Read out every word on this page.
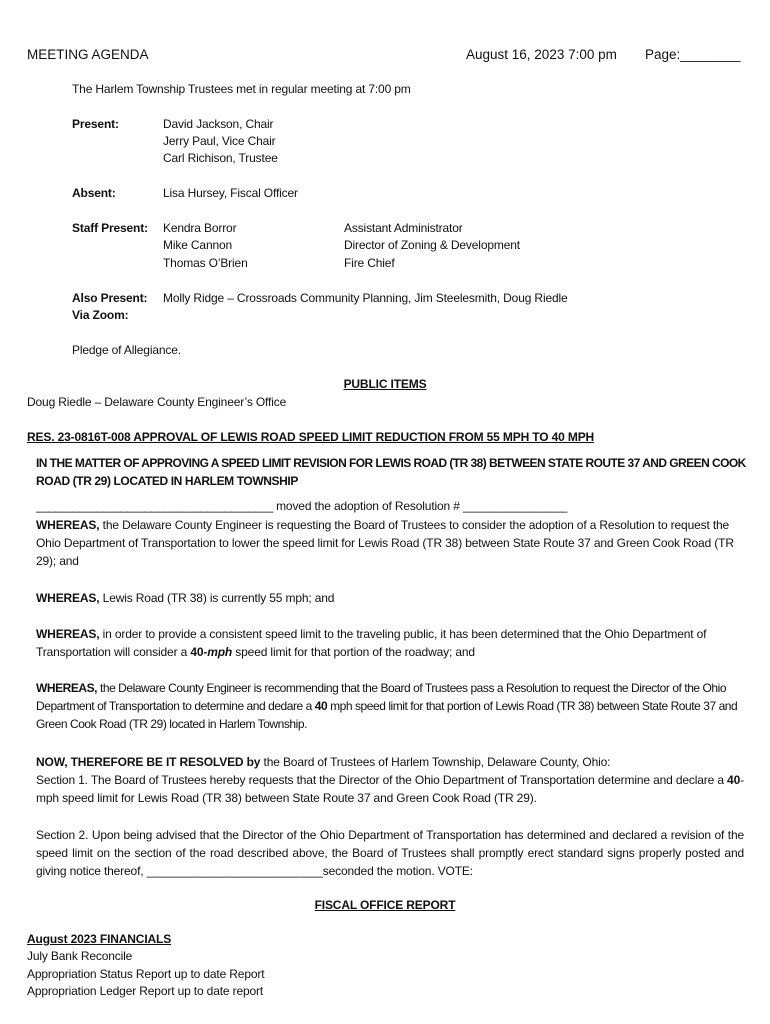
MEETING AGENDA	August 16, 2023 7:00 pm Page:________
The Harlem Township Trustees met in regular meeting at 7:00 pm
Present:	David Jackson, Chair
Jerry Paul, Vice Chair
Carl Richison, Trustee
Absent:	Lisa Hursey, Fiscal Officer
Staff Present: Kendra Borror	Assistant Administrator
Mike Cannon	Director of Zoning & Development
Thomas O’Brien	Fire Chief
Also Present: Molly Ridge – Crossroads Community Planning, Jim Steelesmith, Doug Riedle
Via Zoom:
Pledge of Allegiance.
PUBLIC ITEMS
Doug Riedle – Delaware County Engineer’s Office
RES. 23-0816T-008 APPROVAL OF LEWIS ROAD SPEED LIMIT REDUCTION FROM 55 MPH TO 40 MPH
IN THE MATTER OF APPROVING A SPEED LIMIT REVISION FOR LEWIS ROAD (TR 38) BETWEEN STATE ROUTE 37 AND GREEN COOK
ROAD (TR 29) LOCATED IN HARLEM TOWNSHIP
_______________________________________ moved the adoption of Resolution # ________________
WHEREAS, the Delaware County Engineer is requesting the Board of Trustees to consider the adoption of a Resolution to request the Ohio Department of Transportation to lower the speed limit for Lewis Road (TR 38) between State Route 37 and Green Cook Road (TR 29); and
WHEREAS, Lewis Road (TR 38) is currently 55 mph; and
WHEREAS, in order to provide a consistent speed limit to the traveling public, it has been determined that the Ohio Department of Transportation will consider a 40-mph speed limit for that portion of the roadway; and
WHEREAS, the Delaware County Engineer is recommending that the Board of Trustees pass a Resolution to request the Director of the Ohio Department of Transportation to determine and dedare a 40 mph speed limit for that portion of Lewis Road (TR 38) between State Route 37 and Green Cook Road (TR 29) located in Harlem Township.
NOW, THEREFORE BE IT RESOLVED by the Board of Trustees of Harlem Township, Delaware County, Ohio:
Section 1. The Board of Trustees hereby requests that the Director of the Ohio Department of Transportation determine and declare a 40-mph speed limit for Lewis Road (TR 38) between State Route 37 and Green Cook Road (TR 29).
Section 2. Upon being advised that the Director of the Ohio Department of Transportation has determined and declared a revision of the speed limit on the section of the road described above, the Board of Trustees shall promptly erect standard signs properly posted and giving notice thereof, ___________________________seconded the motion. VOTE:
FISCAL OFFICE REPORT
August 2023 FINANCIALS
July Bank Reconcile
Appropriation Status Report up to date Report
Appropriation Ledger Report up to date report
